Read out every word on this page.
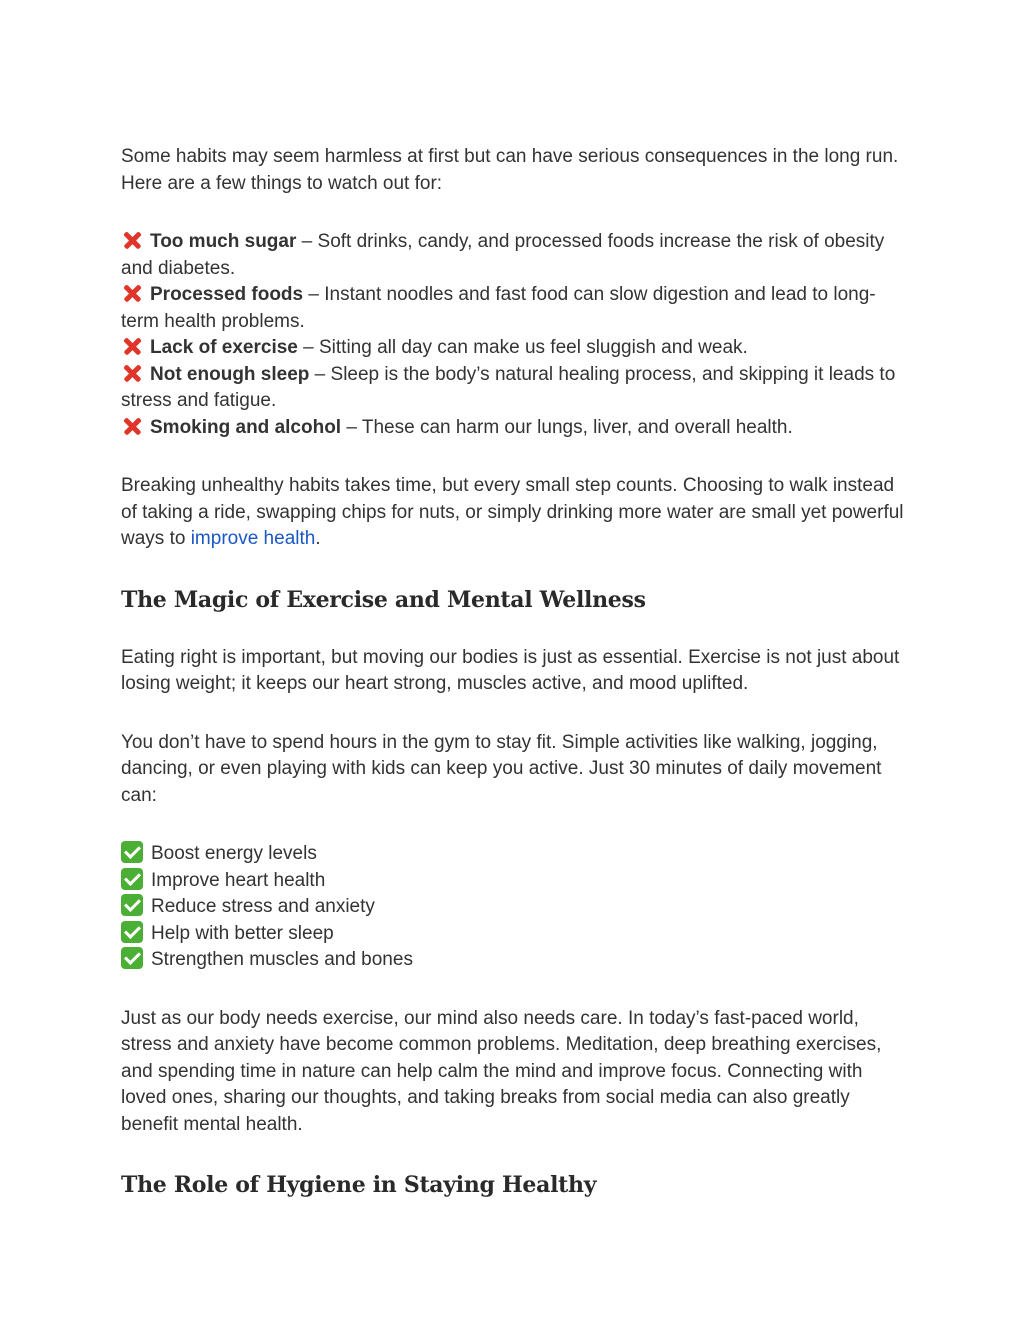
Some habits may seem harmless at first but can have serious consequences in the long run. Here are a few things to watch out for:

Too much sugar – Soft drinks, candy, and processed foods increase the risk of obesity and diabetes.

Processed foods – Instant noodles and fast food can slow digestion and lead to long-term health problems.

Lack of exercise – Sitting all day can make us feel sluggish and weak.

Not enough sleep – Sleep is the body’s natural healing process, and skipping it leads to stress and fatigue.

Smoking and alcohol – These can harm our lungs, liver, and overall health.

Breaking unhealthy habits takes time, but every small step counts. Choosing to walk instead of taking a ride, swapping chips for nuts, or simply drinking more water are small yet powerful ways to improve health.

The Magic of Exercise and Mental Wellness

Eating right is important, but moving our bodies is just as essential. Exercise is not just about losing weight; it keeps our heart strong, muscles active, and mood uplifted.

You don’t have to spend hours in the gym to stay fit. Simple activities like walking, jogging, dancing, or even playing with kids can keep you active. Just 30 minutes of daily movement can:

Boost energy levels

Improve heart health

Reduce stress and anxiety

Help with better sleep

Strengthen muscles and bones

Just as our body needs exercise, our mind also needs care. In today’s fast-paced world, stress and anxiety have become common problems. Meditation, deep breathing exercises, and spending time in nature can help calm the mind and improve focus. Connecting with loved ones, sharing our thoughts, and taking breaks from social media can also greatly benefit mental health.

The Role of Hygiene in Staying Healthy
